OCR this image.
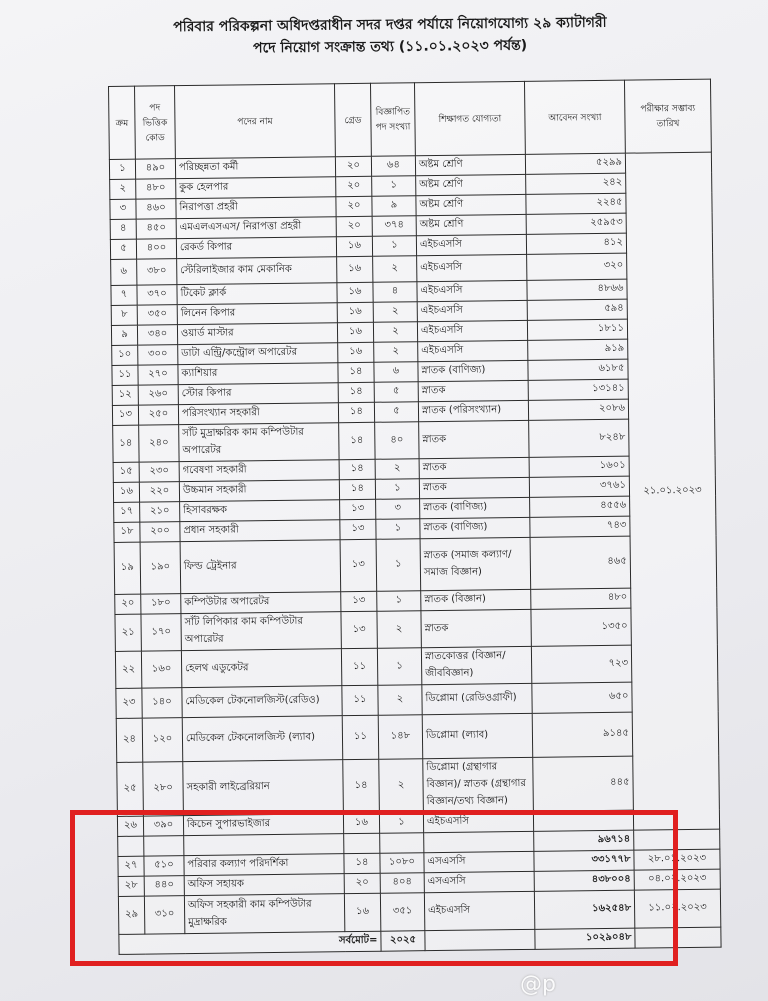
পরিবার পরিকল্পনা অধিদপ্তরাধীন সদর দপ্তর পর্যায়ে নিয়োগযোগ্য ২৯ ক্যাটাগরী
পদে নিয়োগ সংক্রান্ত তথ্য (১১.০১.২০২৩ পর্যন্ত)
ক্রম	পদ ভিত্তিক কোড	পদের নাম	গ্রেড	বিজ্ঞাপিত পদ সংখ্যা	শিক্ষাগত যোগ্যতা	আবেদন সংখ্যা	পরীক্ষার সম্ভাব্য তারিখ
১	৪৯০	পরিচ্ছন্নতা কর্মী	২০	৬৪	অষ্টম শ্রেণি	৫২৯৯	২১.০১.২০২৩
২	৪৮০	কুক হেলপার	২০	১	অষ্টম শ্রেণি	২৪২	
৩	৪৬০	নিরাপত্তা প্রহরী	২০	৯	অষ্টম শ্রেণি	২২৪৫	
৪	৪৫০	এমএলএসএস/ নিরাপত্তা প্রহরী	২০	৩৭৪	অষ্টম শ্রেণি	২৫৯৫৩	
৫	৪০০	রেকর্ড কিপার	১৬	১	এইচএসসি	৪১২	
৬	৩৮০	স্টেরিলাইজার কাম মেকানিক	১৬	২	এইচএসসি	৩২০	
৭	৩৭০	টিকেট ক্লার্ক	১৬	৪	এইচএসসি	৪৮৬৬	
৮	৩৫০	লিনেন কিপার	১৬	২	এইচএসসি	৫৯৪	
৯	৩৪০	ওয়ার্ড মাস্টার	১৬	২	এইচএসসি	১৮১১	
১০	৩০০	ডাটা এন্ট্রি/কন্ট্রোল অপারেটর	১৬	২	এইচএসসি	৯১৯	
১১	২৭০	ক্যাশিয়ার	১৪	৬	স্নাতক (বাণিজ্য)	৬১৮৫	
১২	২৬০	স্টোর কিপার	১৪	৫	স্নাতক	১৩১৪১	
১৩	২৫০	পরিসংখ্যান সহকারী	১৪	৫	স্নাতক (পরিসংখ্যান)	২০৮৬	
১৪	২৪০	সাঁট মুদ্রাক্ষরিক কাম কম্পিউটার অপারেটর	১৪	৪০	স্নাতক	৮২৪৮	
১৫	২৩০	গবেষণা সহকারী	১৪	২	স্নাতক	১৬০১	
১৬	২২০	উচ্চমান সহকারী	১৪	১	স্নাতক	৩৭৬১	
১৭	২১০	হিসাবরক্ষক	১৩	৩	স্নাতক (বাণিজ্য)	৪৫৫৬	
১৮	২০০	প্রধান সহকারী	১৩	১	স্নাতক (বাণিজ্য)	৭৪৩	
১৯	১৯০	ফিল্ড ট্রেইনার	১৩	১	স্নাতক (সমাজ কল্যাণ/ সমাজ বিজ্ঞান)	৪৬৫	
২০	১৮০	কম্পিউটার অপারেটর	১৩	১	স্নাতক (বিজ্ঞান)	৪৮০	
২১	১৭০	সাঁট লিপিকার কাম কম্পিউটার অপারেটর	১৩	২	স্নাতক	১৩৫০	
২২	১৬০	হেলথ এডুকেটর	১১	১	স্নাতকোত্তর (বিজ্ঞান/ জীববিজ্ঞান)	৭২৩	
২৩	১৪০	মেডিকেল টেকনোলজিস্ট(রেডিও)	১১	২	ডিপ্লোমা (রেডিওগ্রাফী)	৬৫০	
২৪	১২০	মেডিকেল টেকনোলজিস্ট (ল্যাব)	১১	১৪৮	ডিপ্লোমা (ল্যাব)	৯১৪৫	
২৫	২৮০	সহকারী লাইব্রেরিয়ান	১৪	২	ডিপ্লোমা (গ্রন্থাগার বিজ্ঞান)/ স্নাতক (গ্রন্থাগার বিজ্ঞান/তথ্য বিজ্ঞান)	৪৪৫	
২৬	৩৯০	কিচেন সুপারভাইজার	১৬	১	এইচএসসি		
						৯৬৭১৪	
২৭	৫১০	পরিবার কল্যাণ পরিদর্শিকা	১৪	১০৮০	এসএসসি	৩৩১৭৭৮	২৮.০১.২০২৩
২৮	৪৪০	অফিস সহায়ক	২০	৪০৪	এসএসসি	৪৩৮০০৪	০৪.০২.২০২৩
২৯	৩১০	অফিস সহকারী কাম কম্পিউটার মুদ্রাক্ষরিক	১৬	৩৫১	এইচএসসি	১৬২৫৪৮	১১.০২.২০২৩
সর্বমোট=				২০২৫		১০২৯০৪৮	
@p
